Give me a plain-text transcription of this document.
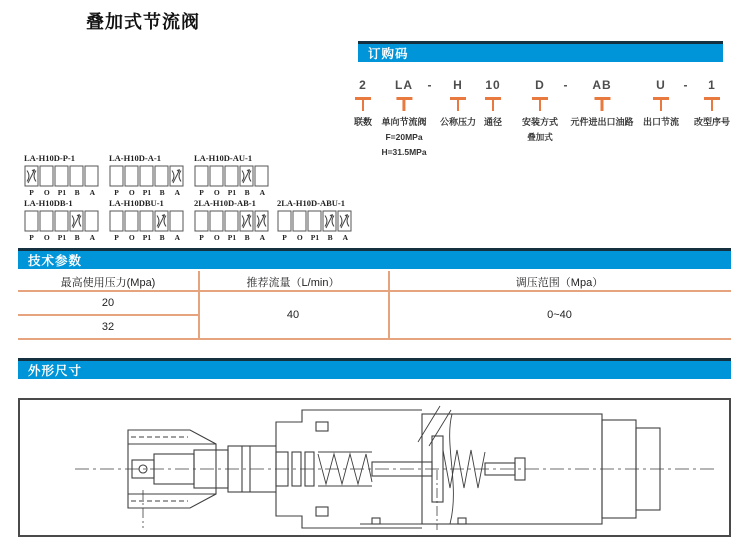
叠加式节流阀
订购码
2
联数
LA
单向节流阀
F=20MPa
H=31.5MPa
-	H
公称压力
10
通径
D
安装方式
叠加式
-	AB
元件进出口油路
U
出口节流
-	1
改型序号
LA-H10D-P-1
P	O	P1	B	A
LA-H10D-A-1
P	O	P1	B	A
LA-H10D-AU-1
P	O	P1	B	A
LA-H10DB-1
P	O	P1	B	A
LA-H10DBU-1
P	O	P1	B	A
2LA-H10D-AB-1
P	O	P1	B	A
2LA-H10D-ABU-1
P	O	P1	B	A
技术参数
最高使用压力(Mpa)	推荐流量（L/min）	调压范围（Mpa）
20
32
40	0~40
外形尺寸
